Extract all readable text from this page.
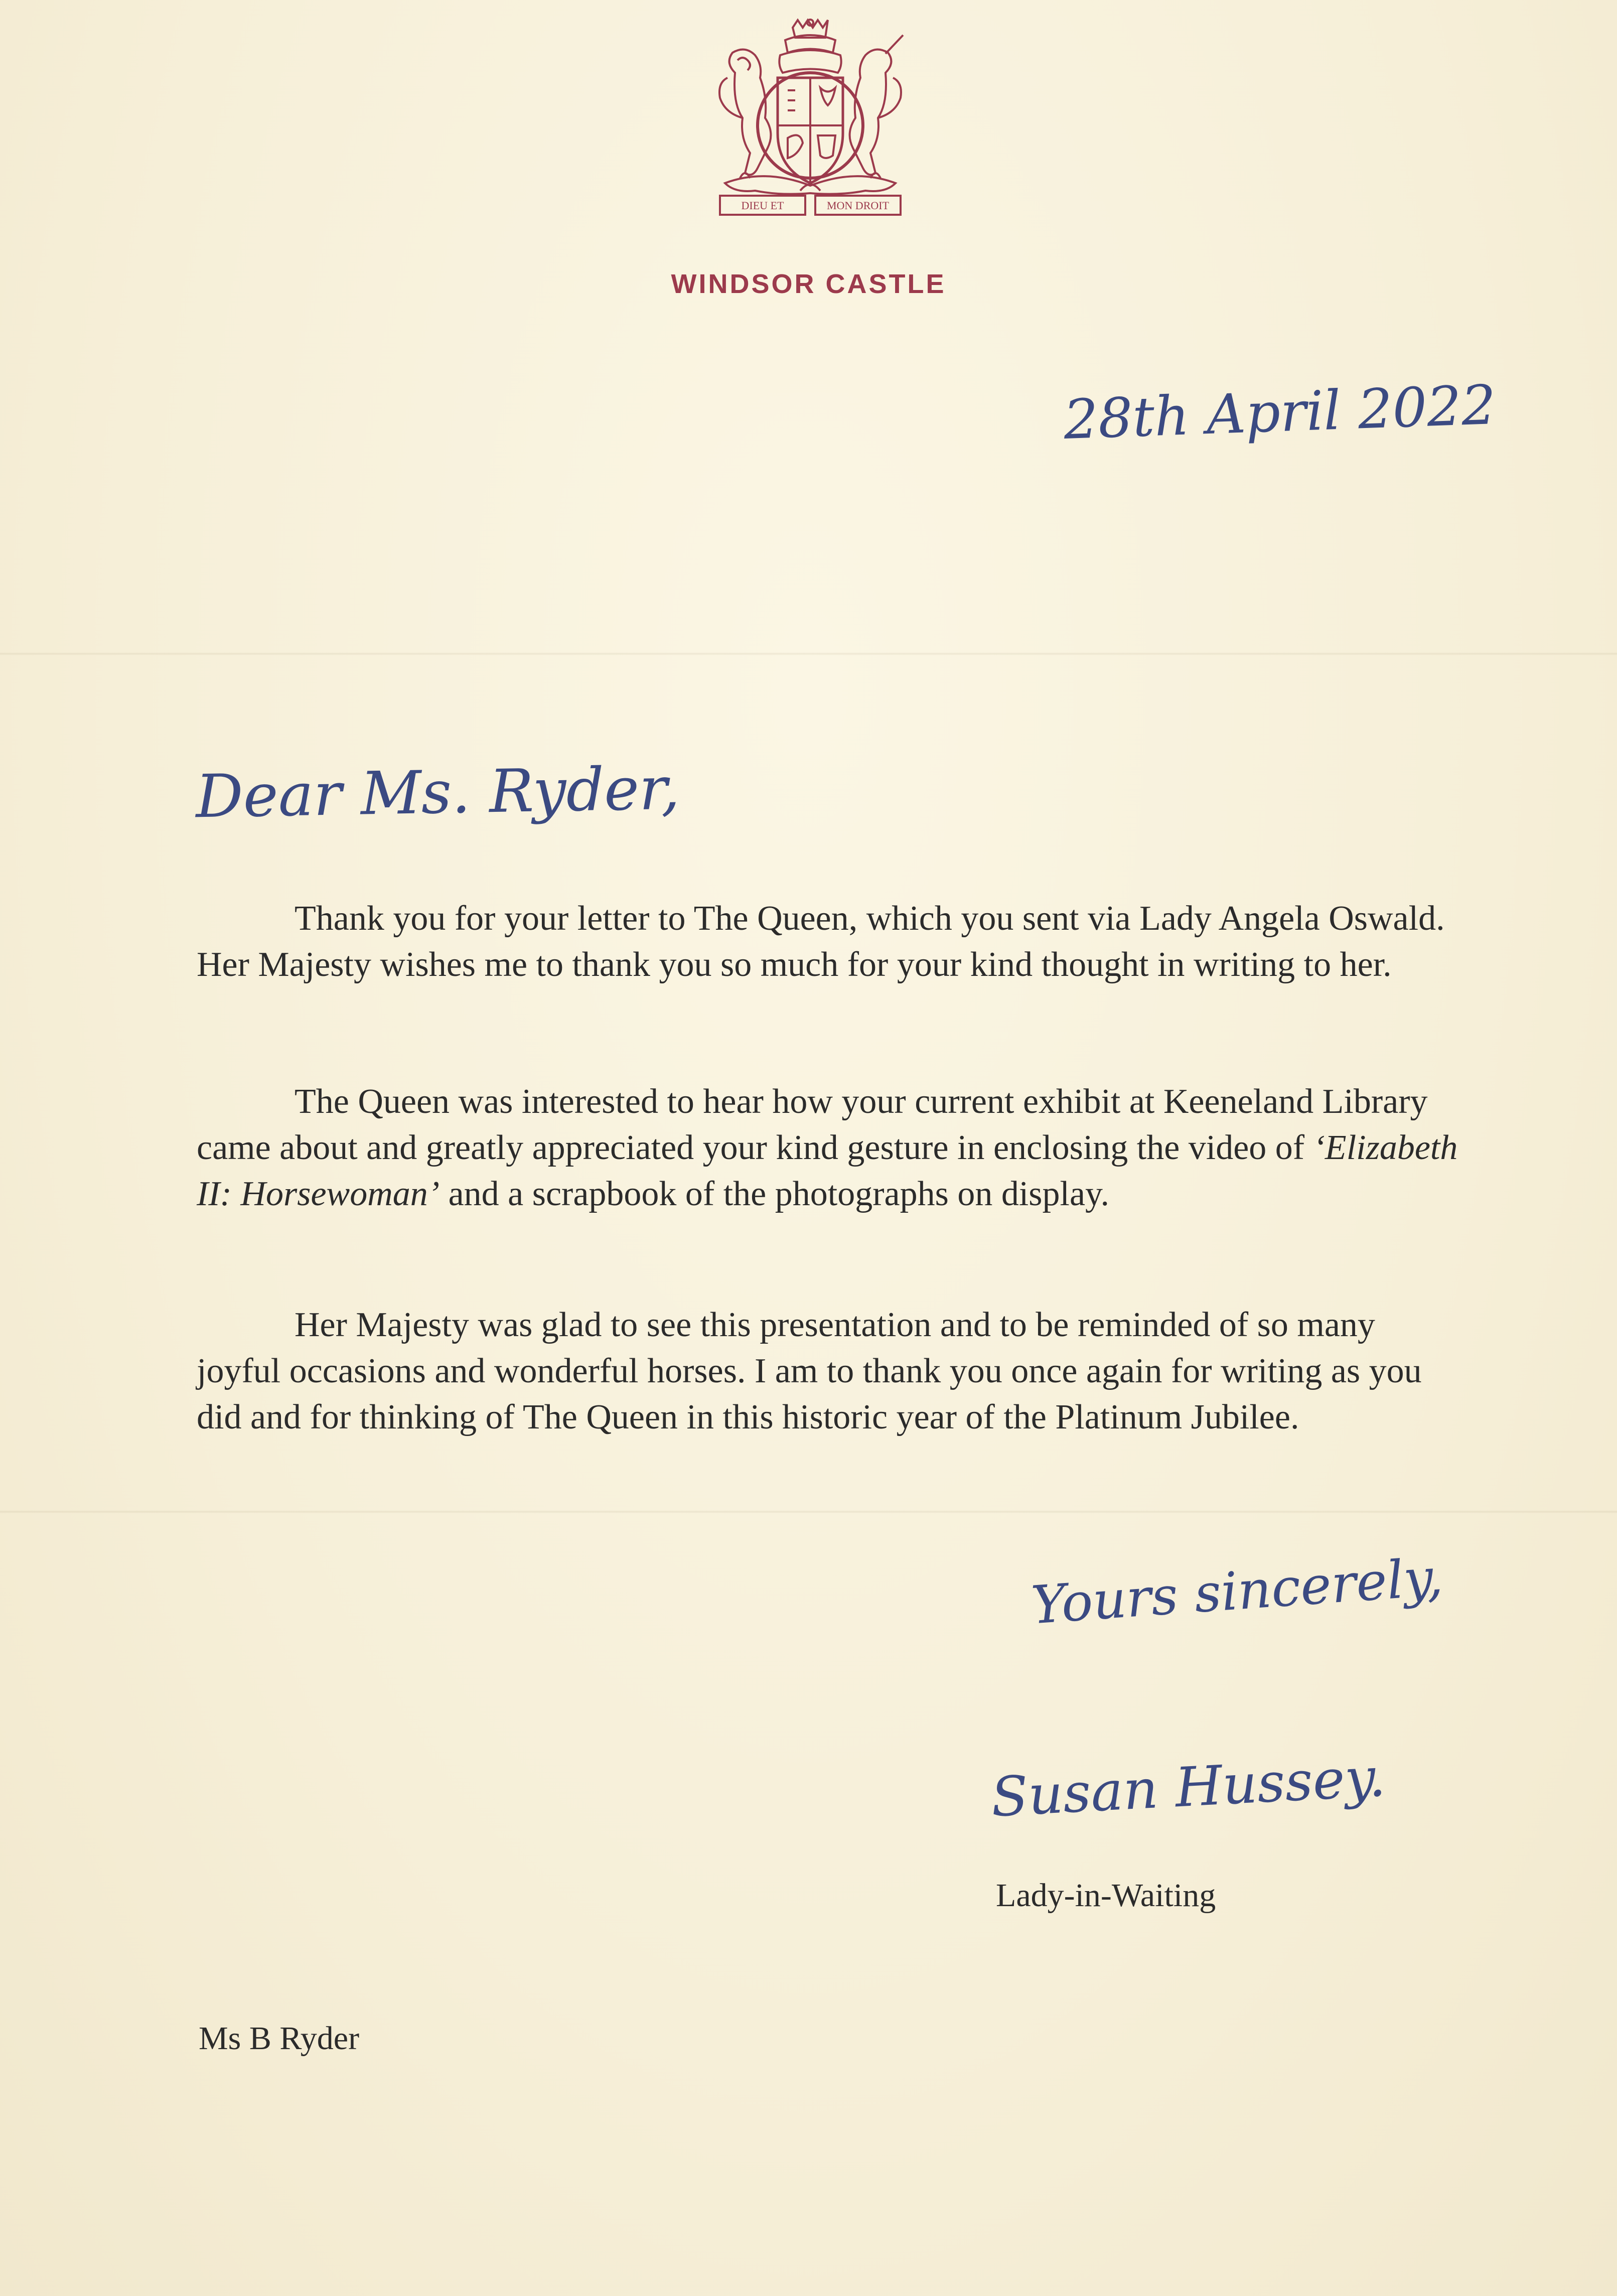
DIEU ET	MON DROIT
WINDSOR CASTLE
28th April 2022
Dear Ms. Ryder,

Thank you for your letter to The Queen, which you sent via Lady Angela Oswald. Her Majesty wishes me to thank you so much for your kind thought in writing to her.

The Queen was interested to hear how your current exhibit at Keeneland Library came about and greatly appreciated your kind gesture in enclosing the video of ‘Elizabeth II: Horsewoman’ and a scrapbook of the photographs on display.

Her Majesty was glad to see this presentation and to be reminded of so many joyful occasions and wonderful horses. I am to thank you once again for writing as you did and for thinking of The Queen in this historic year of the Platinum Jubilee.

Yours sincerely,
Susan Hussey.
Lady-in-Waiting
Ms B Ryder
